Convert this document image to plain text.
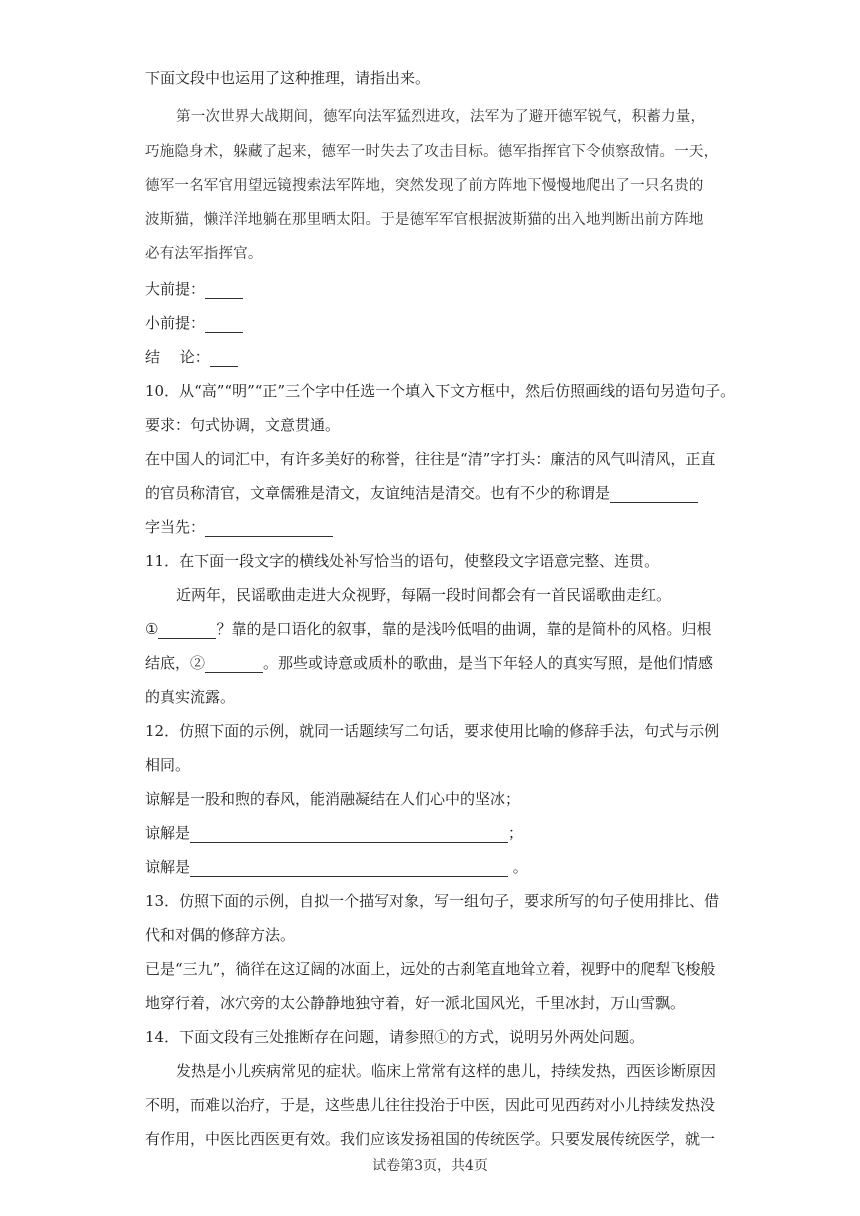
下面文段中也运用了这种推理，请指出来。
第一次世界大战期间，德军向法军猛烈进攻，法军为了避开德军锐气，积蓄力量，
巧施隐身术，躲藏了起来，德军一时失去了攻击目标。德军指挥官下令侦察敌情。一天，
德军一名军官用望远镜搜索法军阵地，突然发现了前方阵地下慢慢地爬出了一只名贵的
波斯猫，懒洋洋地躺在那里晒太阳。于是德军军官根据波斯猫的出入地判断出前方阵地
必有法军指挥官。
大前提：
小前提：
结　 论：
10．从“高”“明”“正”三个字中任选一个填入下文方框中，然后仿照画线的语句另造句子。
要求：句式协调，文意贯通。
在中国人的词汇中，有许多美好的称誉，往往是“清”字打头：廉洁的风气叫清风，正直
的官员称清官，文章儒雅是清文，友谊纯洁是清交。也有不少的称谓是
字当先：
11．在下面一段文字的横线处补写恰当的语句，使整段文字语意完整、连贯。
近两年，民谣歌曲走进大众视野，每隔一段时间都会有一首民谣歌曲走红。
①	？靠的是口语化的叙事，靠的是浅吟低唱的曲调，靠的是简朴的风格。归根
结底，②	。那些或诗意或质朴的歌曲，是当下年轻人的真实写照，是他们情感
的真实流露。
12．仿照下面的示例，就同一话题续写二句话，要求使用比喻的修辞手法，句式与示例
相同。
谅解是一股和煦的春风，能消融凝结在人们心中的坚冰；
谅解是	；
谅解是	。
13．仿照下面的示例，自拟一个描写对象，写一组句子，要求所写的句子使用排比、借
代和对偶的修辞方法。
已是“三九”，徜徉在这辽阔的冰面上，远处的古刹笔直地耸立着，视野中的爬犁飞梭般
地穿行着，冰穴旁的太公静静地独守着，好一派北国风光，千里冰封，万山雪飘。
14．下面文段有三处推断存在问题，请参照①的方式，说明另外两处问题。
发热是小儿疾病常见的症状。临床上常常有这样的患儿，持续发热，西医诊断原因
不明，而难以治疗，于是，这些患儿往往投治于中医，因此可见西药对小儿持续发热没
有作用，中医比西医更有效。我们应该发扬祖国的传统医学。只要发展传统医学，就一
试卷第3页，共4页
